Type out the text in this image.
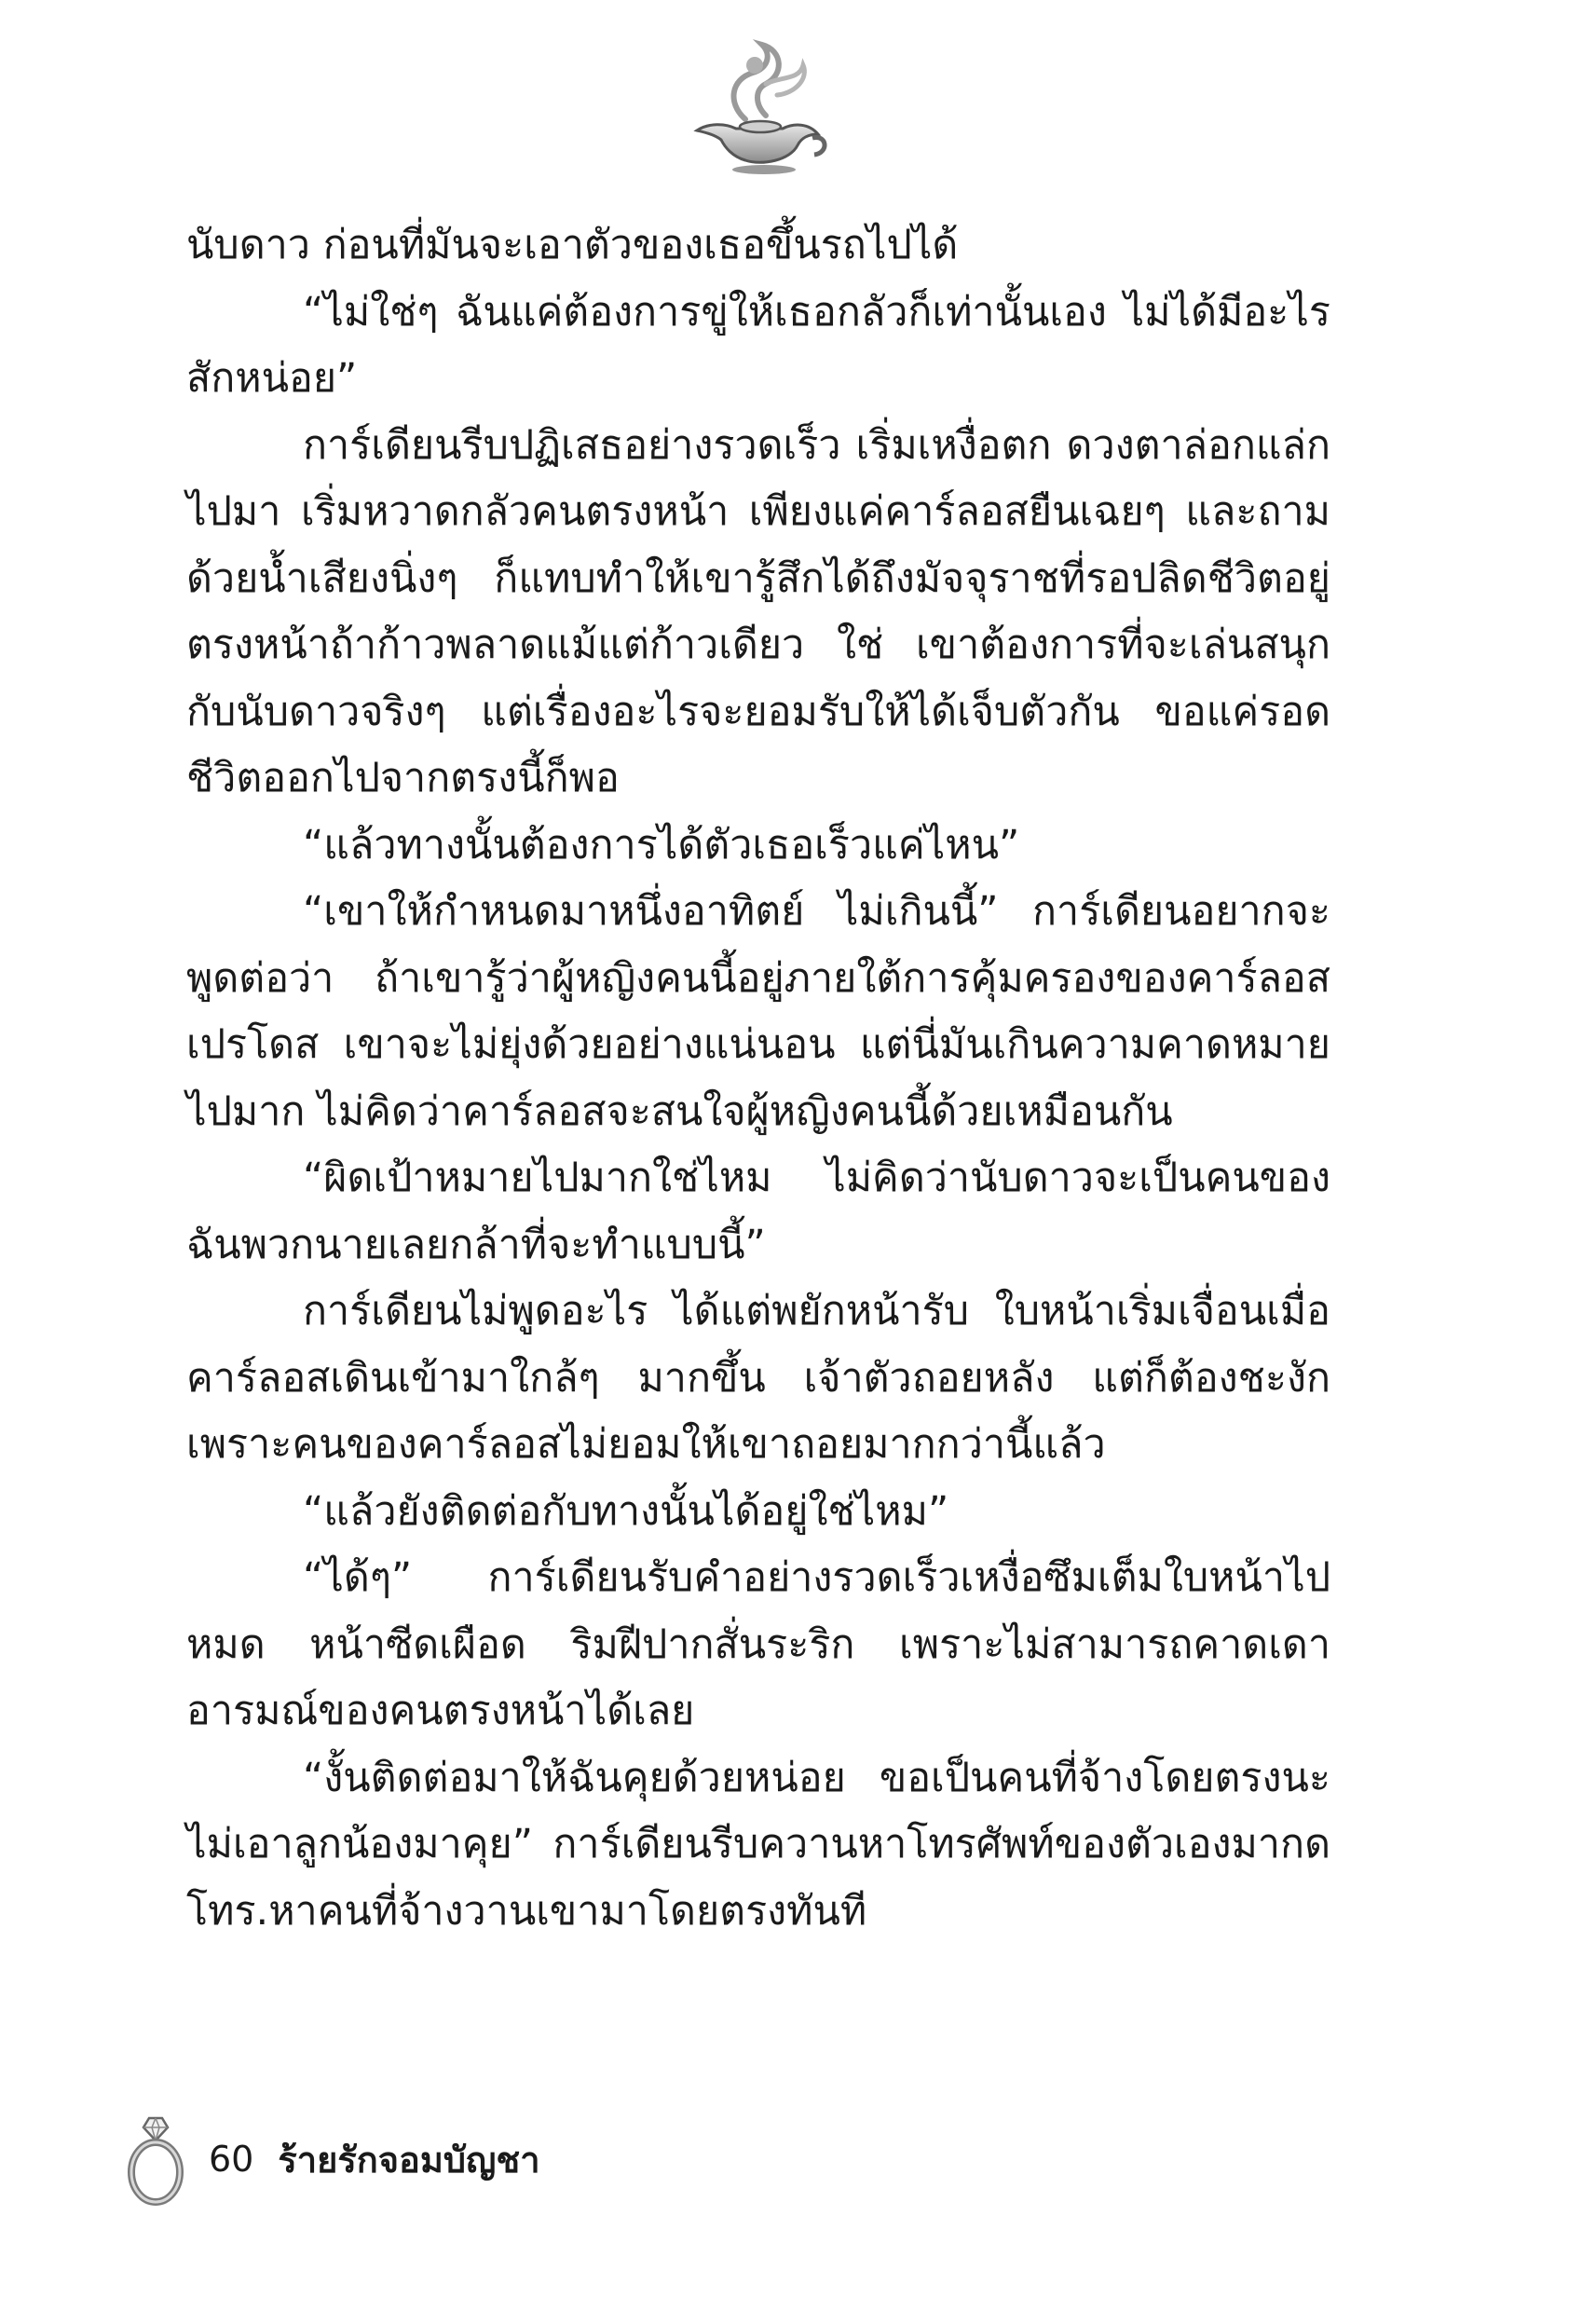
นับดาว ก่อนที่มันจะเอาตัวของเธอขึ้นรถไปได้

“ไม่ใช่ๆ ฉันแค่ต้องการขู่ให้เธอกลัวก็เท่านั้นเอง ไม่ได้มีอะไรสักหน่อย”

การ์เดียนรีบปฏิเสธอย่างรวดเร็ว เริ่มเหงื่อตก ดวงตาล่อกแล่กไปมา เริ่มหวาดกลัวคนตรงหน้า เพียงแค่คาร์ลอสยืนเฉยๆ และถามด้วยน้ำเสียงนิ่งๆ ก็แทบทำให้เขารู้สึกได้ถึงมัจจุราชที่รอปลิดชีวิตอยู่ตรงหน้าถ้าก้าวพลาดแม้แต่ก้าวเดียว ใช่ เขาต้องการที่จะเล่นสนุกกับนับดาวจริงๆ แต่เรื่องอะไรจะยอมรับให้ได้เจ็บตัวกัน ขอแค่รอดชีวิตออกไปจากตรงนี้ก็พอ

“แล้วทางนั้นต้องการได้ตัวเธอเร็วแค่ไหน”

“เขาให้กำหนดมาหนึ่งอาทิตย์ ไม่เกินนี้” การ์เดียนอยากจะพูดต่อว่า ถ้าเขารู้ว่าผู้หญิงคนนี้อยู่ภายใต้การคุ้มครองของคาร์ลอส เปรโดส เขาจะไม่ยุ่งด้วยอย่างแน่นอน แต่นี่มันเกินความคาดหมายไปมาก ไม่คิดว่าคาร์ลอสจะสนใจผู้หญิงคนนี้ด้วยเหมือนกัน

“ผิดเป้าหมายไปมากใช่ไหม ไม่คิดว่านับดาวจะเป็นคนของฉันพวกนายเลยกล้าที่จะทำแบบนี้”

การ์เดียนไม่พูดอะไร ได้แต่พยักหน้ารับ ใบหน้าเริ่มเจื่อนเมื่อคาร์ลอสเดินเข้ามาใกล้ๆ มากขึ้น เจ้าตัวถอยหลัง แต่ก็ต้องชะงัก เพราะคนของคาร์ลอสไม่ยอมให้เขาถอยมากกว่านี้แล้ว

“แล้วยังติดต่อกับทางนั้นได้อยู่ใช่ไหม”

“ได้ๆ” การ์เดียนรับคำอย่างรวดเร็วเหงื่อซึมเต็มใบหน้าไปหมด หน้าซีดเผือด ริมฝีปากสั่นระริก เพราะไม่สามารถคาดเดาอารมณ์ของคนตรงหน้าได้เลย

“งั้นติดต่อมาให้ฉันคุยด้วยหน่อย ขอเป็นคนที่จ้างโดยตรงนะ ไม่เอาลูกน้องมาคุย” การ์เดียนรีบควานหาโทรศัพท์ของตัวเองมากดโทร.หาคนที่จ้างวานเขามาโดยตรงทันที

60 ร้ายรักจอมบัญชา
